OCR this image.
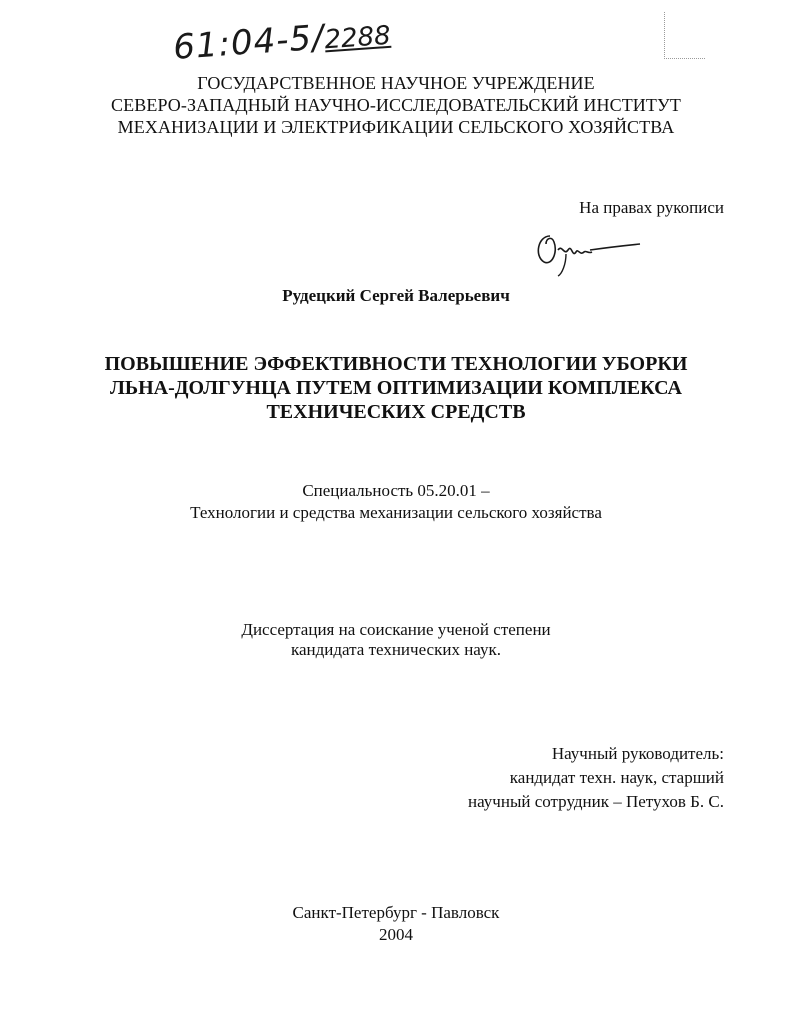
61:04-5/2288
ГОСУДАРСТВЕННОЕ НАУЧНОЕ УЧРЕЖДЕНИЕ
СЕВЕРО-ЗАПАДНЫЙ НАУЧНО-ИССЛЕДОВАТЕЛЬСКИЙ ИНСТИТУТ
МЕХАНИЗАЦИИ И ЭЛЕКТРИФИКАЦИИ СЕЛЬСКОГО ХОЗЯЙСТВА
На правах рукописи
Рудецкий Сергей Валерьевич
ПОВЫШЕНИЕ ЭФФЕКТИВНОСТИ ТЕХНОЛОГИИ УБОРКИ
ЛЬНА-ДОЛГУНЦА ПУТЕМ ОПТИМИЗАЦИИ КОМПЛЕКСА
ТЕХНИЧЕСКИХ СРЕДСТВ
Специальность 05.20.01 –
Технологии и средства механизации сельского хозяйства
Диссертация на соискание ученой степени
кандидата технических наук.
Научный руководитель:
кандидат техн. наук, старший
научный сотрудник – Петухов Б. С.
Санкт-Петербург - Павловск
2004
